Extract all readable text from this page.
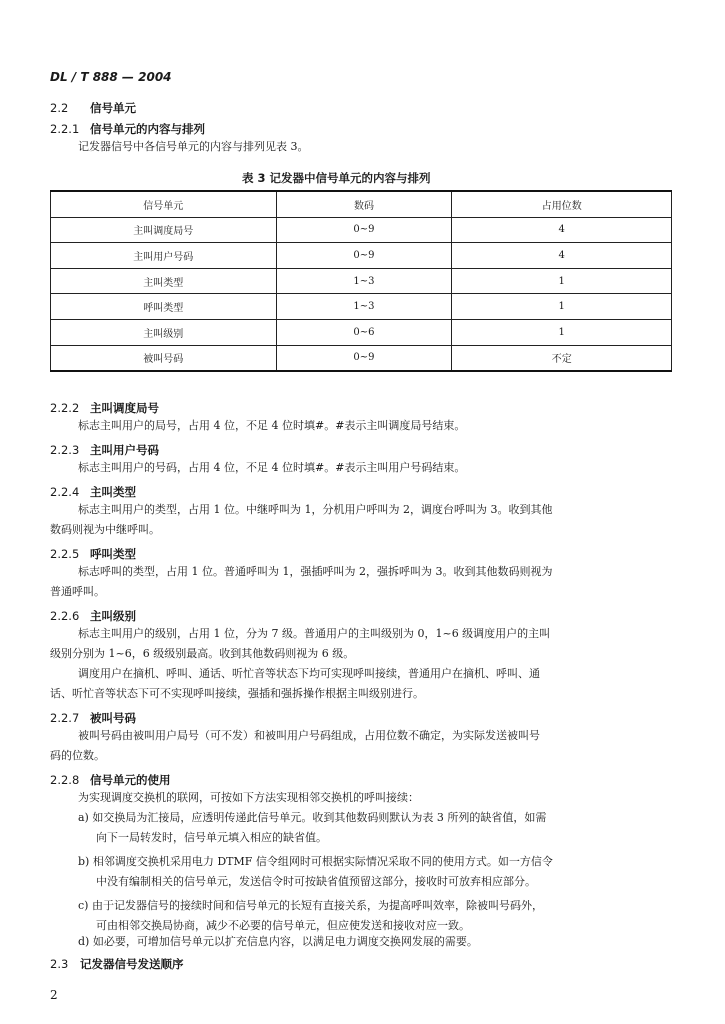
DL / T 888 — 2004
2.2 信号单元
2.2.1 信号单元的内容与排列
记发器信号中各信号单元的内容与排列见表 3。
表 3 记发器中信号单元的内容与排列
信号单元	数码	占用位数
主叫调度局号	0~9	4
主叫用户号码	0~9	4
主叫类型	1~3	1
呼叫类型	1~3	1
主叫级别	0~6	1
被叫号码	0~9	不定
2.2.2 主叫调度局号
标志主叫用户的局号，占用 4 位，不足 4 位时填#。#表示主叫调度局号结束。
2.2.3 主叫用户号码
标志主叫用户的号码，占用 4 位，不足 4 位时填#。#表示主叫用户号码结束。
2.2.4 主叫类型
标志主叫用户的类型，占用 1 位。中继呼叫为 1，分机用户呼叫为 2，调度台呼叫为 3。收到其他
数码则视为中继呼叫。
2.2.5 呼叫类型
标志呼叫的类型，占用 1 位。普通呼叫为 1，强插呼叫为 2，强拆呼叫为 3。收到其他数码则视为
普通呼叫。
2.2.6 主叫级别
标志主叫用户的级别，占用 1 位，分为 7 级。普通用户的主叫级别为 0，1~6 级调度用户的主叫
级别分别为 1~6，6 级级别最高。收到其他数码则视为 6 级。
调度用户在摘机、呼叫、通话、听忙音等状态下均可实现呼叫接续，普通用户在摘机、呼叫、通
话、听忙音等状态下可不实现呼叫接续，强插和强拆操作根据主叫级别进行。
2.2.7 被叫号码
被叫号码由被叫用户局号（可不发）和被叫用户号码组成，占用位数不确定，为实际发送被叫号
码的位数。
2.2.8 信号单元的使用
为实现调度交换机的联网，可按如下方法实现相邻交换机的呼叫接续：
a) 如交换局为汇接局，应透明传递此信号单元。收到其他数码则默认为表 3 所列的缺省值，如需
向下一局转发时，信号单元填入相应的缺省值。
b) 相邻调度交换机采用电力 DTMF 信令组网时可根据实际情况采取不同的使用方式。如一方信令
中没有编制相关的信号单元，发送信令时可按缺省值预留这部分，接收时可放弃相应部分。
c) 由于记发器信号的接续时间和信号单元的长短有直接关系，为提高呼叫效率，除被叫号码外，
可由相邻交换局协商，减少不必要的信号单元，但应使发送和接收对应一致。
d) 如必要，可增加信号单元以扩充信息内容，以满足电力调度交换网发展的需要。
2.3 记发器信号发送顺序
2
